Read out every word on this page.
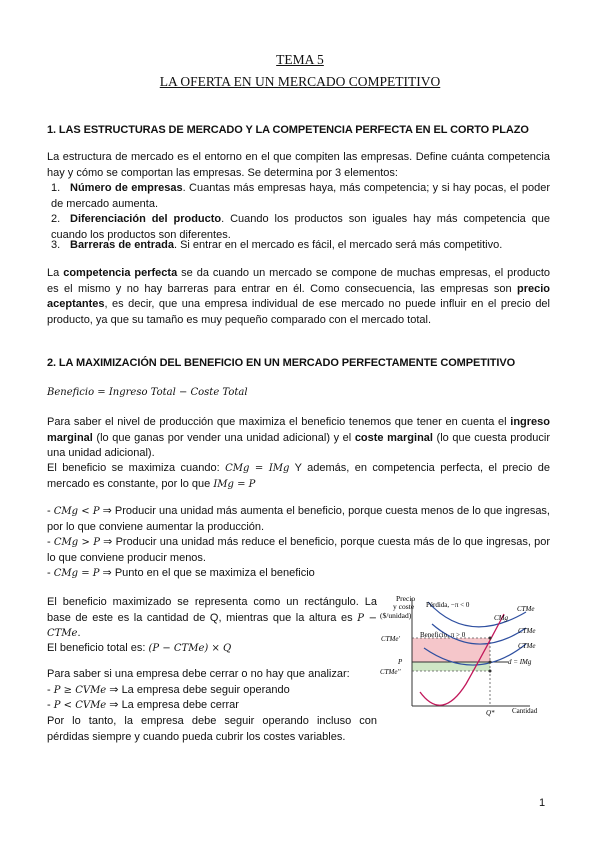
TEMA 5
LA OFERTA EN UN MERCADO COMPETITIVO
1. LAS ESTRUCTURAS DE MERCADO Y LA COMPETENCIA PERFECTA EN EL CORTO PLAZO
La estructura de mercado es el entorno en el que compiten las empresas. Define cuánta competencia hay y cómo se comportan las empresas. Se determina por 3 elementos:
1. Número de empresas. Cuantas más empresas haya, más competencia; y si hay pocas, el poder de mercado aumenta.
2. Diferenciación del producto. Cuando los productos son iguales hay más competencia que cuando los productos son diferentes.
3. Barreras de entrada. Si entrar en el mercado es fácil, el mercado será más competitivo.
La competencia perfecta se da cuando un mercado se compone de muchas empresas, el producto es el mismo y no hay barreras para entrar en él. Como consecuencia, las empresas son precio aceptantes, es decir, que una empresa individual de ese mercado no puede influir en el precio del producto, ya que su tamaño es muy pequeño comparado con el mercado total.
2. LA MAXIMIZACIÓN DEL BENEFICIO EN UN MERCADO PERFECTAMENTE COMPETITIVO
Beneficio = Ingreso Total − Coste Total
Para saber el nivel de producción que maximiza el beneficio tenemos que tener en cuenta el ingreso marginal (lo que ganas por vender una unidad adicional) y el coste marginal (lo que cuesta producir una unidad adicional).
El beneficio se maximiza cuando: CMg = IMg Y además, en competencia perfecta, el precio de mercado es constante, por lo que IMg = P
- CMg < P ⇒ Producir una unidad más aumenta el beneficio, porque cuesta menos de lo que ingresas, por lo que conviene aumentar la producción.
- CMg > P ⇒ Producir una unidad más reduce el beneficio, porque cuesta más de lo que ingresas, por lo que conviene producir menos.
- CMg = P ⇒ Punto en el que se maximiza el beneficio
El beneficio maximizado se representa como un rectángulo. La base de este es la cantidad de Q, mientras que la altura es P − CTMe.
El beneficio total es: (P − CTMe) × Q
Para saber si una empresa debe cerrar o no hay que analizar:
- P ≥ CVMe ⇒ La empresa debe seguir operando
- P < CVMe ⇒ La empresa debe cerrar
Por lo tanto, la empresa debe seguir operando incluso con pérdidas siempre y cuando pueda cubrir los costes variables.
Precio
y coste
($/unidad)
Pérdida, −π < 0
Beneficio, π > 0
CMg
CTMe
CTMe
CTMe
d = IMg
CTMe'
P
CTMe''
Q* Cantidad
1
